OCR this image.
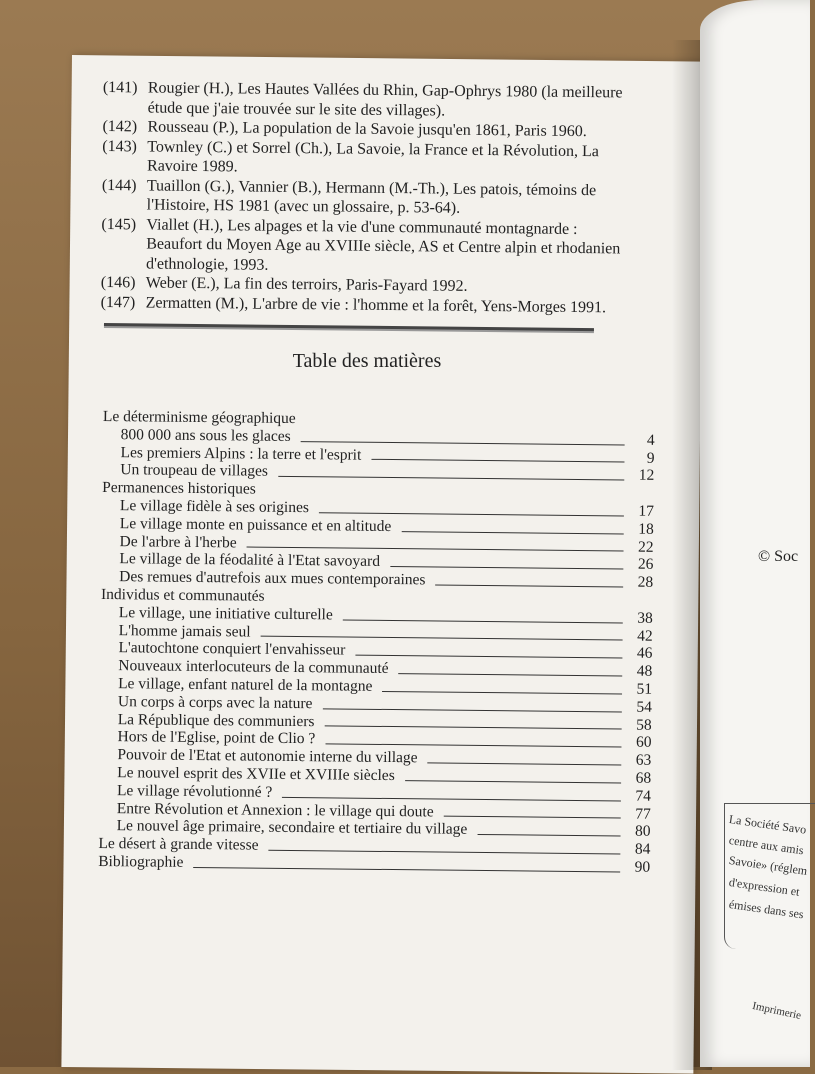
(141) Rougier (H.), Les Hautes Vallées du Rhin, Gap-Ophrys 1980 (la meilleure étude que j'aie trouvée sur le site des villages).
(142) Rousseau (P.), La population de la Savoie jusqu'en 1861, Paris 1960.
(143) Townley (C.) et Sorrel (Ch.), La Savoie, la France et la Révolution, La Ravoire 1989.
(144) Tuaillon (G.), Vannier (B.), Hermann (M.-Th.), Les patois, témoins de l'Histoire, HS 1981 (avec un glossaire, p. 53-64).
(145) Viallet (H.), Les alpages et la vie d'une communauté montagnarde : Beaufort du Moyen Age au XVIIIe siècle, AS et Centre alpin et rhodanien d'ethnologie, 1993.
(146) Weber (E.), La fin des terroirs, Paris-Fayard 1992.
(147) Zermatten (M.), L'arbre de vie : l'homme et la forêt, Yens-Morges 1991.
Table des matières
Le déterminisme géographique
800 000 ans sous les glaces	4
Les premiers Alpins : la terre et l'esprit	9
Un troupeau de villages	12
Permanences historiques
Le village fidèle à ses origines	17
Le village monte en puissance et en altitude	18
De l'arbre à l'herbe	22
Le village de la féodalité à l'Etat savoyard	26
Des remues d'autrefois aux mues contemporaines	28
Individus et communautés
Le village, une initiative culturelle	38
L'homme jamais seul	42
L'autochtone conquiert l'envahisseur	46
Nouveaux interlocuteurs de la communauté	48
Le village, enfant naturel de la montagne	51
Un corps à corps avec la nature	54
La République des communiers	58
Hors de l'Eglise, point de Clio ?	60
Pouvoir de l'Etat et autonomie interne du village	63
Le nouvel esprit des XVIIe et XVIIIe siècles	68
Le village révolutionné ?	74
Entre Révolution et Annexion : le village qui doute	77
Le nouvel âge primaire, secondaire et tertiaire du village	80
Le désert à grande vitesse	84
Bibliographie	90
© Soc
La Société Savo
centre aux amis
Savoie» (réglem
d'expression et
émises dans ses
Imprimerie
